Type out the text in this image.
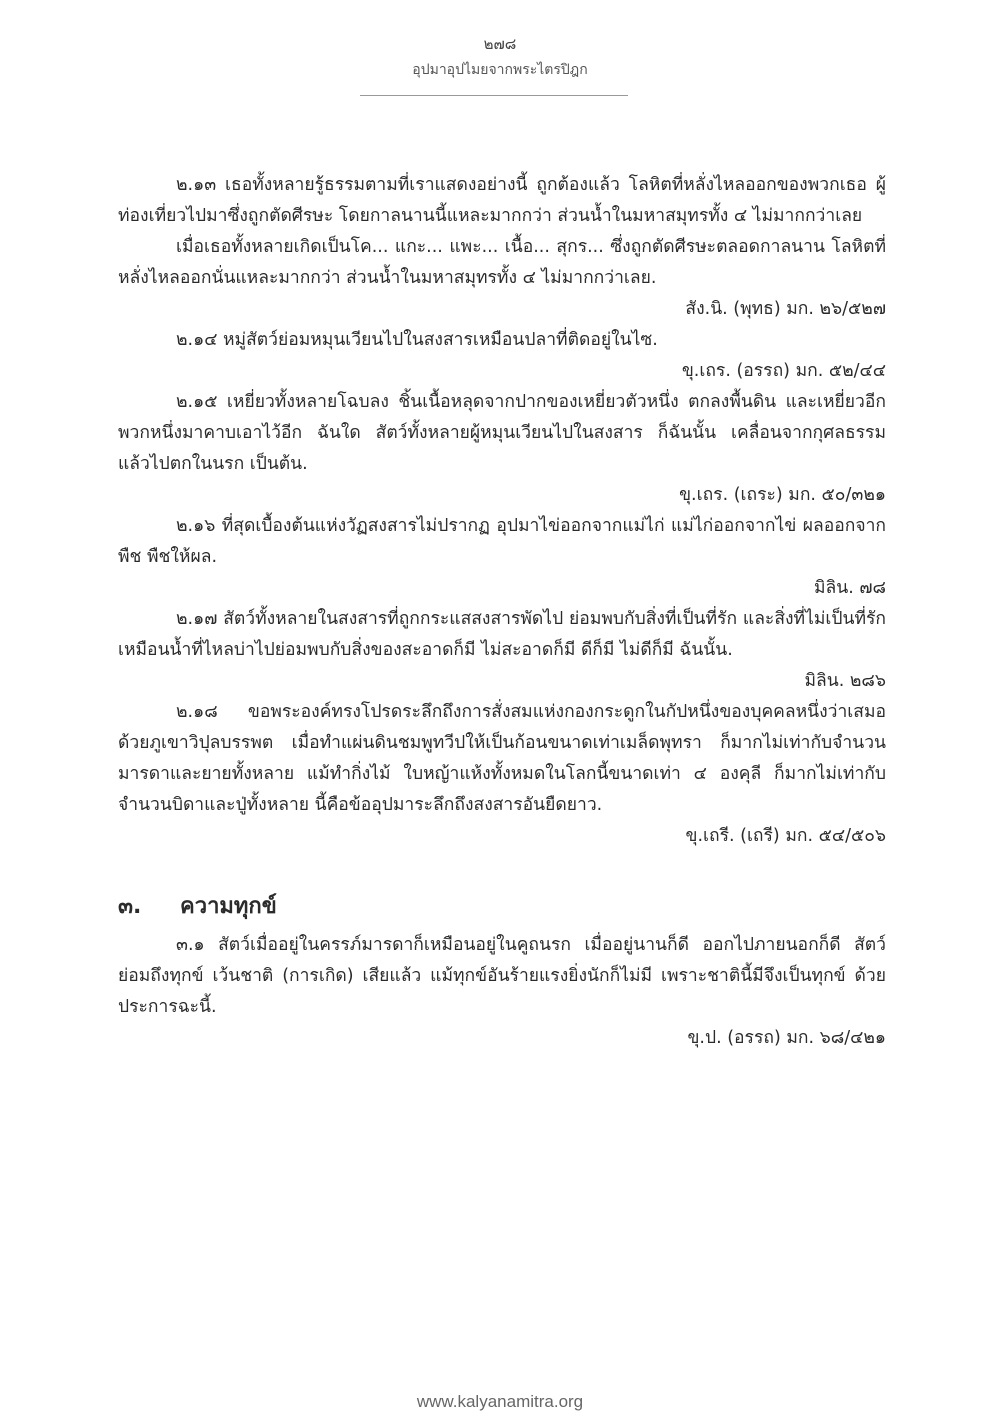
๒๗๘
อุปมาอุปไมยจากพระไตรปิฎก

๒.๑๓ เธอทั้งหลายรู้ธรรมตามที่เราแสดงอย่างนี้ ถูกต้องแล้ว โลหิตที่หลั่งไหลออกของพวกเธอ ผู้ท่องเที่ยวไปมาซึ่งถูกตัดศีรษะ โดยกาลนานนี้แหละมากกว่า ส่วนน้ำในมหาสมุทรทั้ง ๔ ไม่มากกว่าเลย

เมื่อเธอทั้งหลายเกิดเป็นโค... แกะ... แพะ... เนื้อ... สุกร... ซึ่งถูกตัดศีรษะตลอดกาลนาน โลหิตที่หลั่งไหลออกนั่นแหละมากกว่า ส่วนน้ำในมหาสมุทรทั้ง ๔ ไม่มากกว่าเลย.

สัง.นิ. (พุทธ) มก. ๒๖/๕๒๗

๒.๑๔ หมู่สัตว์ย่อมหมุนเวียนไปในสงสารเหมือนปลาที่ติดอยู่ในไซ.

ขุ.เถร. (อรรถ) มก. ๕๒/๔๔

๒.๑๕ เหยี่ยวทั้งหลายโฉบลง ชิ้นเนื้อหลุดจากปากของเหยี่ยวตัวหนึ่ง ตกลงพื้นดิน และเหยี่ยวอีกพวกหนึ่งมาคาบเอาไว้อีก ฉันใด สัตว์ทั้งหลายผู้หมุนเวียนไปในสงสาร ก็ฉันนั้น เคลื่อนจากกุศลธรรมแล้วไปตกในนรก เป็นต้น.

ขุ.เถร. (เถระ) มก. ๕๐/๓๒๑

๒.๑๖ ที่สุดเบื้องต้นแห่งวัฏสงสารไม่ปรากฏ อุปมาไข่ออกจากแม่ไก่ แม่ไก่ออกจากไข่ ผลออกจากพืช พืชให้ผล.

มิลิน. ๗๘

๒.๑๗ สัตว์ทั้งหลายในสงสารที่ถูกกระแสสงสารพัดไป ย่อมพบกับสิ่งที่เป็นที่รัก และสิ่งที่ไม่เป็นที่รัก เหมือนน้ำที่ไหลบ่าไปย่อมพบกับสิ่งของสะอาดก็มี ไม่สะอาดก็มี ดีก็มี ไม่ดีก็มี ฉันนั้น.

มิลิน. ๒๘๖

๒.๑๘ ขอพระองค์ทรงโปรดระลึกถึงการสั่งสมแห่งกองกระดูกในกัปหนึ่งของบุคคลหนึ่งว่าเสมอด้วยภูเขาวิปุลบรรพต เมื่อทำแผ่นดินชมพูทวีปให้เป็นก้อนขนาดเท่าเมล็ดพุทรา ก็มากไม่เท่ากับจำนวนมารดาและยายทั้งหลาย แม้ทำกิ่งไม้ ใบหญ้าแห้งทั้งหมดในโลกนี้ขนาดเท่า ๔ องคุลี ก็มากไม่เท่ากับจำนวนบิดาและปู่ทั้งหลาย นี้คือข้ออุปมาระลึกถึงสงสารอันยืดยาว.

ขุ.เถรี. (เถรี) มก. ๕๔/๕๐๖

๓.	ความทุกข์

๓.๑ สัตว์เมื่ออยู่ในครรภ์มารดาก็เหมือนอยู่ในคูถนรก เมื่ออยู่นานก็ดี ออกไปภายนอกก็ดี สัตว์ย่อมถึงทุกข์ เว้นชาติ (การเกิด) เสียแล้ว แม้ทุกข์อันร้ายแรงยิ่งนักก็ไม่มี เพราะชาตินี้มีจึงเป็นทุกข์ ด้วยประการฉะนี้.

ขุ.ป. (อรรถ) มก. ๖๘/๔๒๑

www.kalyanamitra.org
